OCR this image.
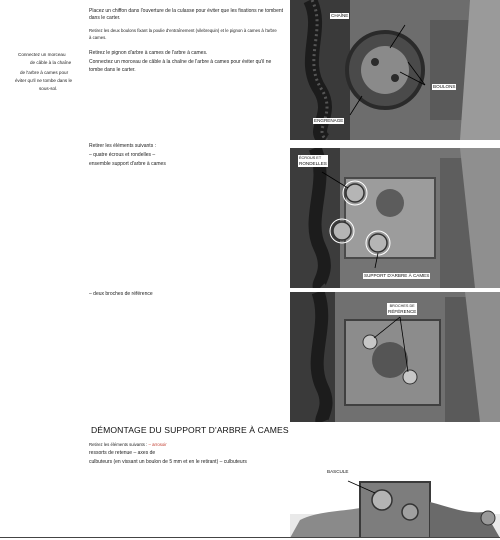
Connectez un morceau
de câble à la chaîne
de l'arbre à cames pour
éviter qu'il ne tombe dans le
sous-sol.
Placez un chiffon dans l'ouverture de la culasse pour éviter que les fixations ne tombent
dans le carter.
Retirez les deux boulons fixant la poulie d'entraînement (vilebrequin) et le pignon à cames à l'arbre
à cames.
Retirez le pignon d'arbre à cames de l'arbre à cames.
Connectez un morceau de câble à la chaîne de l'arbre à cames pour éviter qu'il ne
tombe dans le carter.
Retirer les éléments suivants :
– quatre écrous et rondelles –
ensemble support d'arbre à cames
– deux broches de référence
DÉMONTAGE DU SUPPORT D'ARBRE À CAMES
Retirez les éléments suivants : – arrosoir
ressorts de retenue – axes de
culbuteurs (en vissant un boulon de 5 mm et en le retirant) – culbuteurs
CHAÎNE
BOULONS
ENGRENAGE
ÉCROUS ET
RONDELLES
SUPPORT D'ARBRE À CAMES
BROCHES DE
RÉFÉRENCE
BASCULE
